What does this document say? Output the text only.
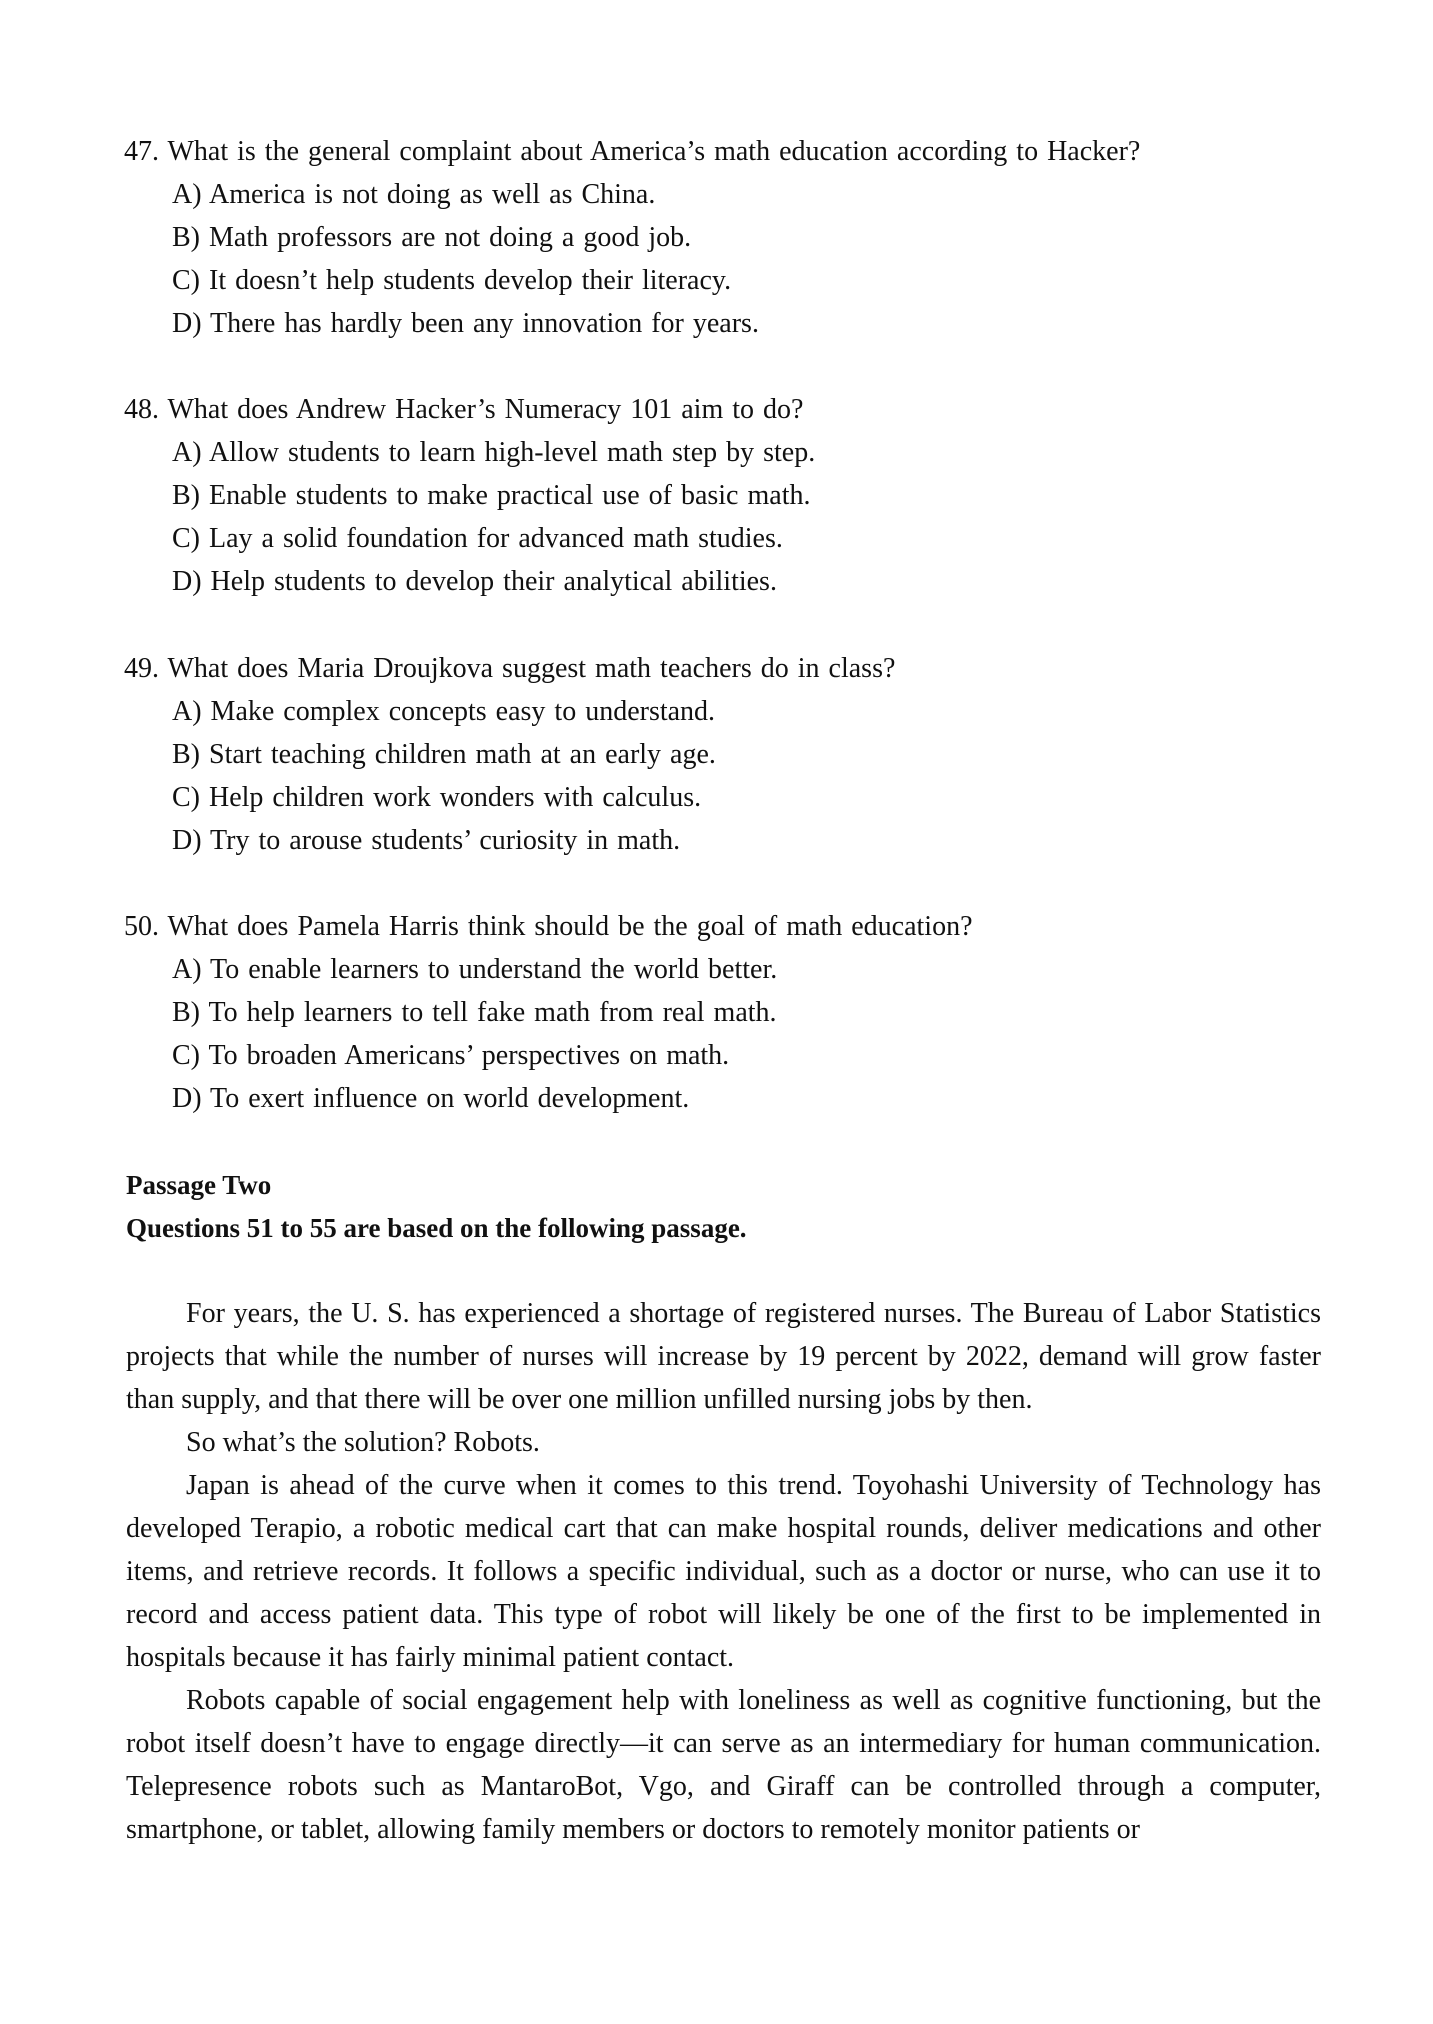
47. What is the general complaint about America’s math education according to Hacker?
A) America is not doing as well as China.
B) Math professors are not doing a good job.
C) It doesn’t help students develop their literacy.
D) There has hardly been any innovation for years.
48. What does Andrew Hacker’s Numeracy 101 aim to do?
A) Allow students to learn high-level math step by step.
B) Enable students to make practical use of basic math.
C) Lay a solid foundation for advanced math studies.
D) Help students to develop their analytical abilities.
49. What does Maria Droujkova suggest math teachers do in class?
A) Make complex concepts easy to understand.
B) Start teaching children math at an early age.
C) Help children work wonders with calculus.
D) Try to arouse students’ curiosity in math.
50. What does Pamela Harris think should be the goal of math education?
A) To enable learners to understand the world better.
B) To help learners to tell fake math from real math.
C) To broaden Americans’ perspectives on math.
D) To exert influence on world development.
Passage Two
Questions 51 to 55 are based on the following passage.

For years, the U. S. has experienced a shortage of registered nurses. The Bureau of Labor Statistics projects that while the number of nurses will increase by 19 percent by 2022, demand will grow faster than supply, and that there will be over one million unfilled nursing jobs by then.

So what’s the solution? Robots.

Japan is ahead of the curve when it comes to this trend. Toyohashi University of Technology has developed Terapio, a robotic medical cart that can make hospital rounds, deliver medications and other items, and retrieve records. It follows a specific individual, such as a doctor or nurse, who can use it to record and access patient data. This type of robot will likely be one of the first to be implemented in hospitals because it has fairly minimal patient contact.

Robots capable of social engagement help with loneliness as well as cognitive functioning, but the robot itself doesn’t have to engage directly—it can serve as an intermediary for human communication. Telepresence robots such as MantaroBot, Vgo, and Giraff can be controlled through a computer, smartphone, or tablet, allowing family members or doctors to remotely monitor patients or
